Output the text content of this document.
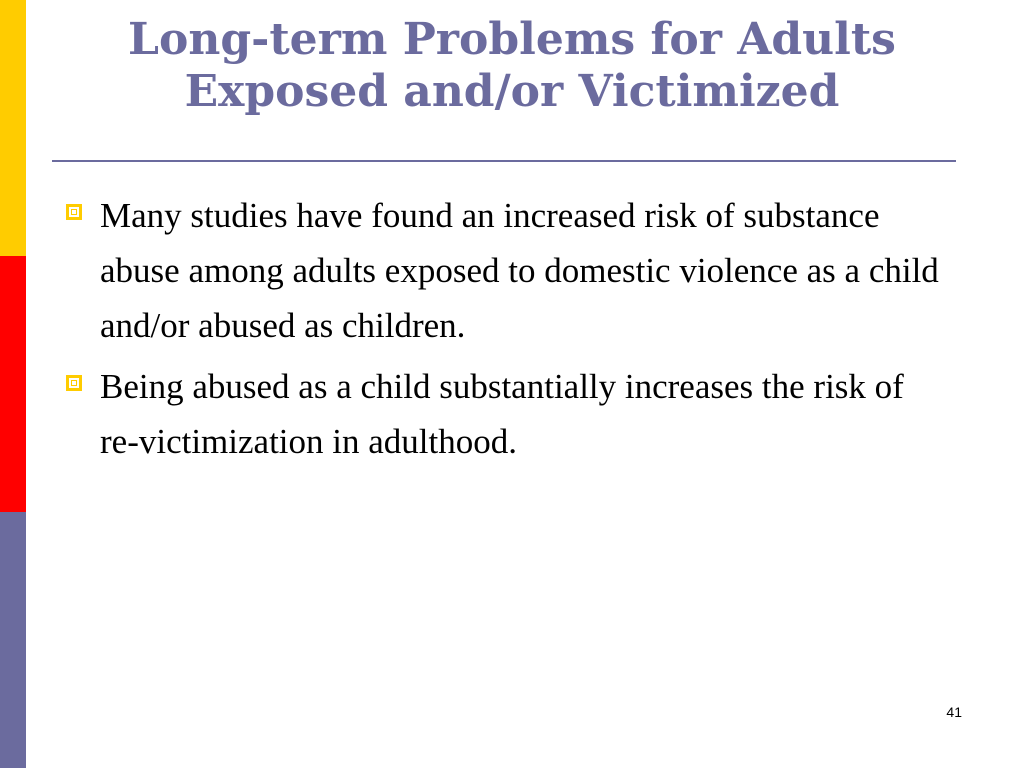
Long-term Problems for Adults
Exposed and/or Victimized
Many studies have found an increased risk of substance abuse among adults exposed to domestic violence as a child and/or abused as children.
Being abused as a child substantially increases the risk of re-victimization in adulthood.
41
